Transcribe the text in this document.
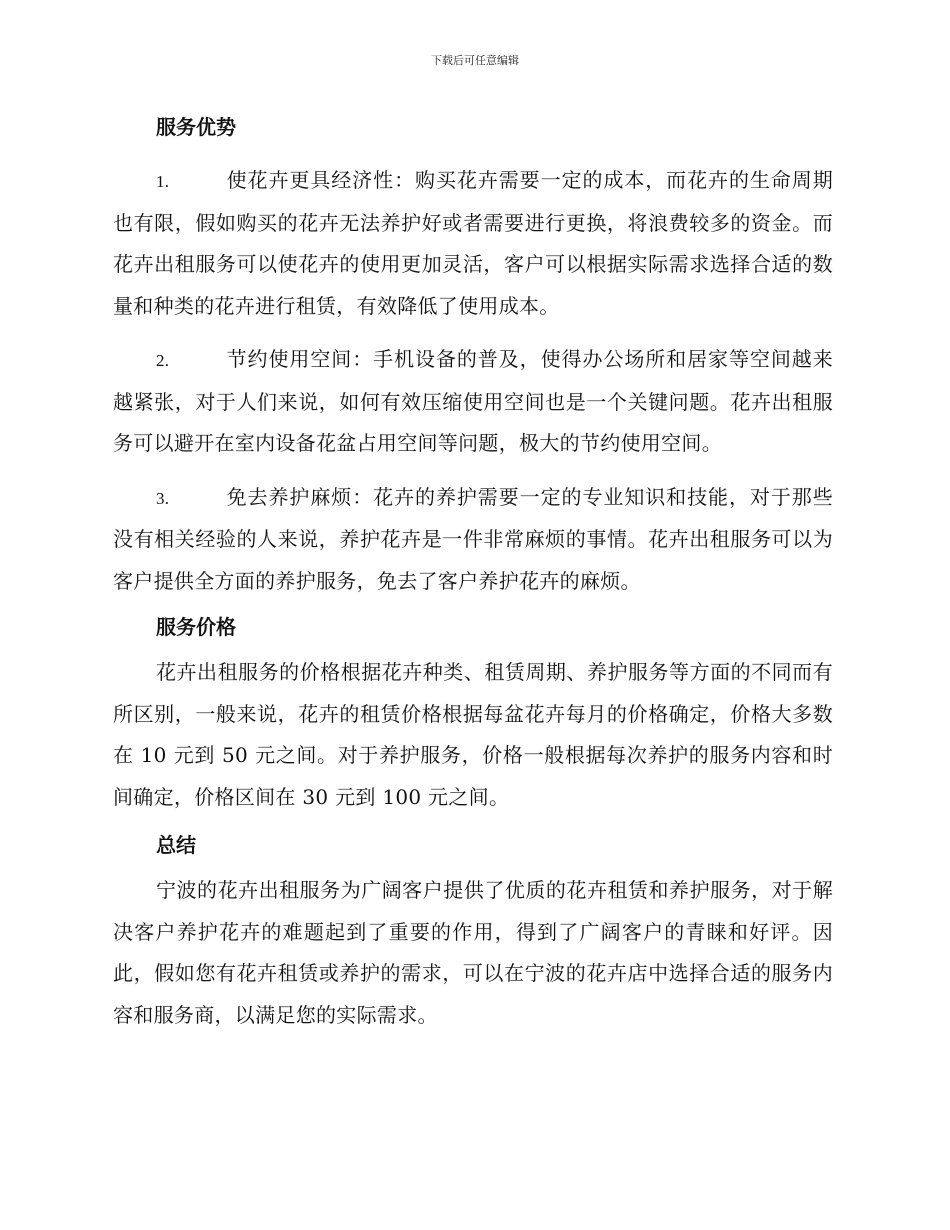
下载后可任意编辑
服务优势

1.	使花卉更具经济性：购买花卉需要一定的成本，而花卉的生命周期也有限，假如购买的花卉无法养护好或者需要进行更换，将浪费较多的资金。而花卉出租服务可以使花卉的使用更加灵活，客户可以根据实际需求选择合适的数量和种类的花卉进行租赁，有效降低了使用成本。

2.	节约使用空间：手机设备的普及，使得办公场所和居家等空间越来越紧张，对于人们来说，如何有效压缩使用空间也是一个关键问题。花卉出租服务可以避开在室内设备花盆占用空间等问题，极大的节约使用空间。

3.	免去养护麻烦：花卉的养护需要一定的专业知识和技能，对于那些没有相关经验的人来说，养护花卉是一件非常麻烦的事情。花卉出租服务可以为客户提供全方面的养护服务，免去了客户养护花卉的麻烦。

服务价格

花卉出租服务的价格根据花卉种类、租赁周期、养护服务等方面的不同而有所区别，一般来说，花卉的租赁价格根据每盆花卉每月的价格确定，价格大多数在 10 元到 50 元之间。对于养护服务，价格一般根据每次养护的服务内容和时间确定，价格区间在 30 元到 100 元之间。

总结

宁波的花卉出租服务为广阔客户提供了优质的花卉租赁和养护服务，对于解决客户养护花卉的难题起到了重要的作用，得到了广阔客户的青睐和好评。因此，假如您有花卉租赁或养护的需求，可以在宁波的花卉店中选择合适的服务内容和服务商，以满足您的实际需求。
